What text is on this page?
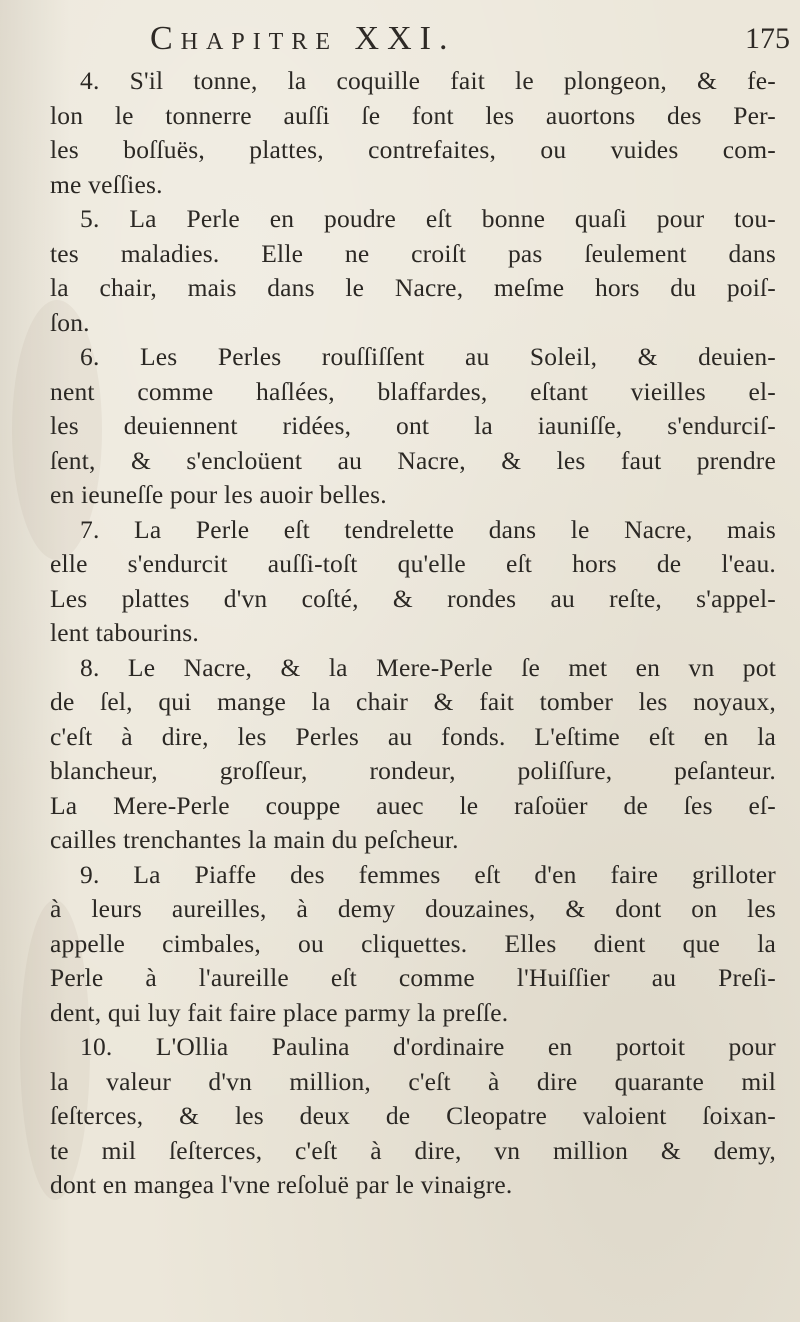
Chapitre XXI.	175
4. S'il tonne, la coquille fait le plongeon, & fe-
lon le tonnerre auſſi ſe font les auortons des Per-
les boſſuës, plattes, contrefaites, ou vuides com-
me veſſies.
5. La Perle en poudre eſt bonne quaſi pour tou-
tes maladies. Elle ne croiſt pas ſeulement dans
la chair, mais dans le Nacre, meſme hors du poiſ-
ſon.
6. Les Perles rouſſiſſent au Soleil, & deuien-
nent comme haſlées, blaffardes, eſtant vieilles el-
les deuiennent ridées, ont la iauniſſe, s'endurciſ-
ſent, & s'encloüent au Nacre, & les faut prendre
en ieuneſſe pour les auoir belles.
7. La Perle eſt tendrelette dans le Nacre, mais
elle s'endurcit auſſi-toſt qu'elle eſt hors de l'eau.
Les plattes d'vn coſté, & rondes au reſte, s'appel-
lent tabourins.
8. Le Nacre, & la Mere-Perle ſe met en vn pot
de ſel, qui mange la chair & fait tomber les noyaux,
c'eſt à dire, les Perles au fonds. L'eſtime eſt en la
blancheur, groſſeur, rondeur, poliſſure, peſanteur.
La Mere-Perle couppe auec le raſoüer de ſes eſ-
cailles trenchantes la main du peſcheur.
9. La Piaffe des femmes eſt d'en faire grilloter
à leurs aureilles, à demy douzaines, & dont on les
appelle cimbales, ou cliquettes. Elles dient que la
Perle à l'aureille eſt comme l'Huiſſier au Preſi-
dent, qui luy fait faire place parmy la preſſe.
10. L'Ollia Paulina d'ordinaire en portoit pour
la valeur d'vn million, c'eſt à dire quarante mil
ſeſterces, & les deux de Cleopatre valoient ſoixan-
te mil ſeſterces, c'eſt à dire, vn million & demy,
dont en mangea l'vne reſoluë par le vinaigre.
